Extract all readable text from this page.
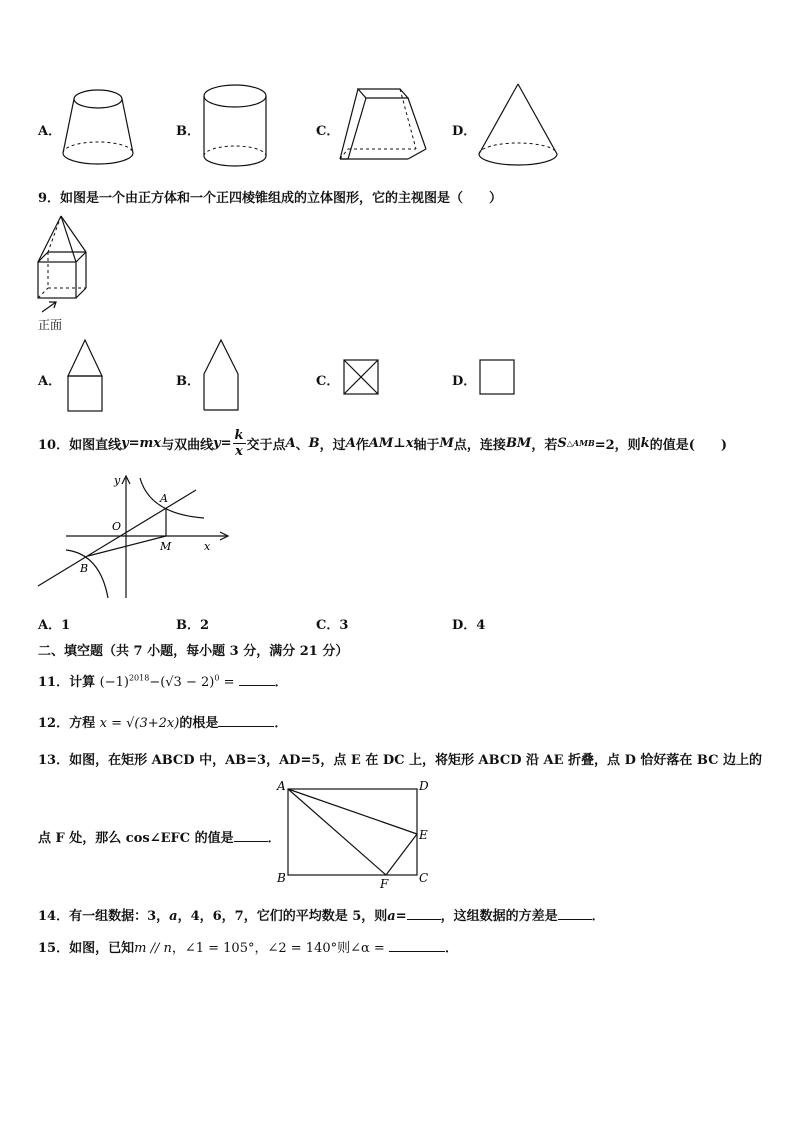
A．	B．	C．	D．
9．如图是一个由正方体和一个正四棱锥组成的立体图形，它的主视图是（　　）
正面
A．	B．	C．	D．
10． 如图直线 y=mx 与双曲线 $y= \frac{k}{x}$ 交于点 A 、 B ，过 A 作 AM ⊥x 轴于 M 点，连接 BM ，若 S △AMB =2，则 k 的值是(　　)
y
x
O
A
B
M
A．1	B．2	C．3	D．4
二、填空题（共 7 小题，每小题 3 分，满分 21 分）
11．计算 $(-1)^{2018}-(√3 - 2)^0$ =	．
12．方程 x = √(3+2x)的根是	．
13．如图，在矩形 ABCD 中，AB=3，AD=5，点 E 在 DC 上，将矩形 ABCD 沿 AE 折叠，点 D 恰好落在 BC 边上的
点 F 处，那么 cos∠EFC 的值是	．
A	D
E
B	F	C
14．有一组数据：3，a，4，6，7，它们的平均数是 5，则a=	，这组数据的方差是	．
15．如图，已知m // n，∠1 = 105°，∠2 = 140°则∠α =	．
